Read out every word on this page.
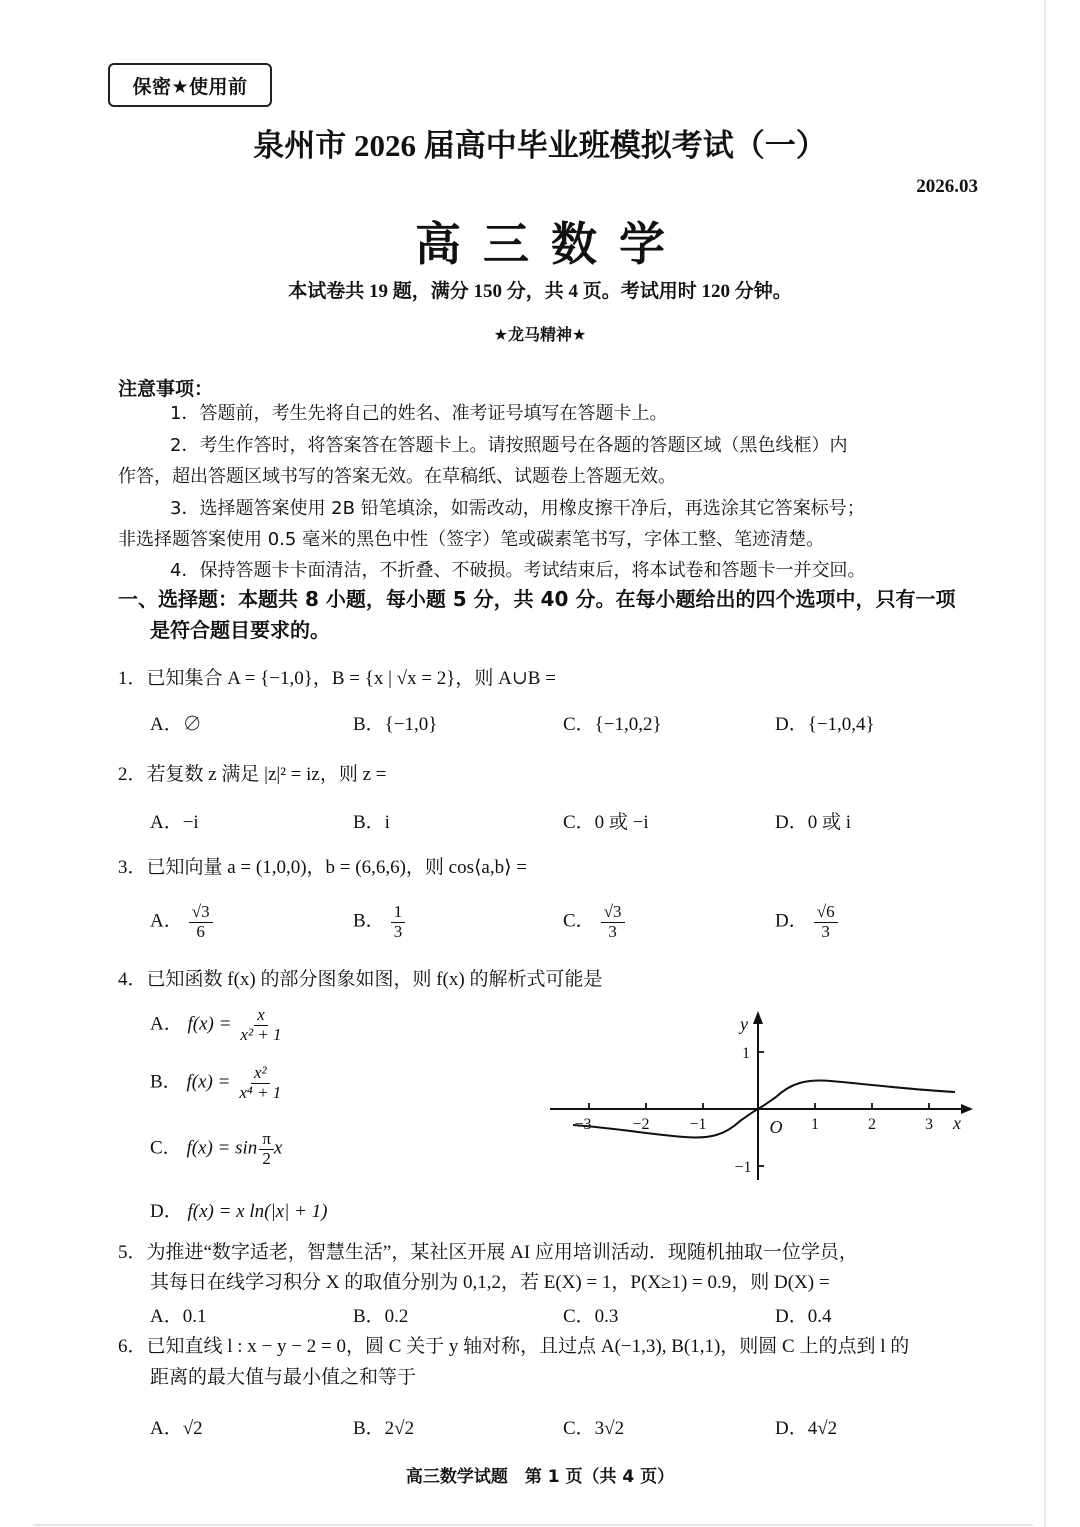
保密★使用前
泉州市 2026 届高中毕业班模拟考试（一）
2026.03
高三数学
本试卷共 19 题，满分 150 分，共 4 页。考试用时 120 分钟。
★龙马精神★
注意事项：
1．答题前，考生先将自己的姓名、准考证号填写在答题卡上。
2．考生作答时，将答案答在答题卡上。请按照题号在各题的答题区域（黑色线框）内
作答，超出答题区域书写的答案无效。在草稿纸、试题卷上答题无效。
3．选择题答案使用 2B 铅笔填涂，如需改动，用橡皮擦干净后，再选涂其它答案标号；
非选择题答案使用 0.5 毫米的黑色中性（签字）笔或碳素笔书写，字体工整、笔迹清楚。
4．保持答题卡卡面清洁，不折叠、不破损。考试结束后，将本试卷和答题卡一并交回。
一、选择题：本题共 8 小题，每小题 5 分，共 40 分。在每小题给出的四个选项中，只有一项
是符合题目要求的。
1．已知集合 A = {−1,0}，B = {x | √x = 2}，则 A∪B =
A．∅	B．{−1,0}	C．{−1,0,2}	D．{−1,0,4}
2．若复数 z 满足 |z|² = iz，则 z =
A．−i	B．i	C．0 或 −i	D．0 或 i
3．已知向量 a = (1,0,0)，b = (6,6,6)，则 cos⟨a,b⟩ =
A． $\frac{√3}{6}$	B． $\frac{1}{3}$	C． $\frac{√3}{3}$	D． $\frac{√6}{3}$
4．已知函数 f(x) 的部分图象如图，则 f(x) 的解析式可能是
A． $f(x) = \frac{x}{\text{x² + 1}}$
B． $f(x) = \frac{\text{x²}}{\text{x⁴ + 1}}$
C． $f(x) = \sin \frac{\pi}{2}$ x
D． f(x) = x ln(|x| + 1)
−3	−2 −1	1	2	3
1
−1
O	x
y
5．为推进“数字适老，智慧生活”，某社区开展 AI 应用培训活动．现随机抽取一位学员，
其每日在线学习积分 X 的取值分别为 0,1,2，若 E(X) = 1，P(X≥1) = 0.9，则 D(X) =
A．0.1	B．0.2	C．0.3	D．0.4
6．已知直线 l : x − y − 2 = 0，圆 C 关于 y 轴对称，且过点 A(−1,3), B(1,1)，则圆 C 上的点到 l 的
距离的最大值与最小值之和等于
A．√2	B．2√2	C．3√2	D．4√2
高三数学试题　第 1 页（共 4 页）
